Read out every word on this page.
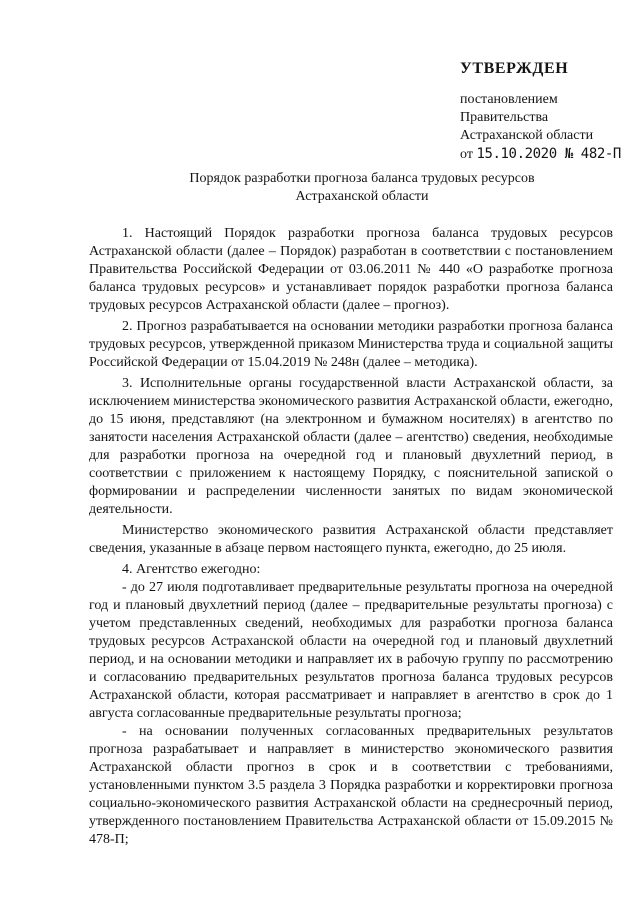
УТВЕРЖДЕН
постановлением
Правительства
Астраханской области
от 15.10.2020 № 482-П
Порядок разработки прогноза баланса трудовых ресурсов
Астраханской области

1. Настоящий Порядок разработки прогноза баланса трудовых ресурсов Астраханской области (далее – Порядок) разработан в соответствии с постановлением Правительства Российской Федерации от 03.06.2011 № 440 «О разработке прогноза баланса трудовых ресурсов» и устанавливает порядок разработки прогноза баланса трудовых ресурсов Астраханской области (далее – прогноз).

2. Прогноз разрабатывается на основании методики разработки прогноза баланса трудовых ресурсов, утвержденной приказом Министерства труда и социальной защиты Российской Федерации от 15.04.2019 № 248н (далее – методика).

3. Исполнительные органы государственной власти Астраханской области, за исключением министерства экономического развития Астраханской области, ежегодно, до 15 июня, представляют (на электронном и бумажном носителях) в агентство по занятости населения Астраханской области (далее – агентство) сведения, необходимые для разработки прогноза на очередной год и плановый двухлетний период, в соответствии с приложением к настоящему Порядку, с пояснительной запиской о формировании и распределении численности занятых по видам экономической деятельности.

Министерство экономического развития Астраханской области представляет сведения, указанные в абзаце первом настоящего пункта, ежегодно, до 25 июля.

4. Агентство ежегодно:

- до 27 июля подготавливает предварительные результаты прогноза на очередной год и плановый двухлетний период (далее – предварительные результаты прогноза) с учетом представленных сведений, необходимых для разработки прогноза баланса трудовых ресурсов Астраханской области на очередной год и плановый двухлетний период, и на основании методики и направляет их в рабочую группу по рассмотрению и согласованию предварительных результатов прогноза баланса трудовых ресурсов Астраханской области, которая рассматривает и направляет в агентство в срок до 1 августа согласованные предварительные результаты прогноза;

- на основании полученных согласованных предварительных результатов прогноза разрабатывает и направляет в министерство экономического развития Астраханской области прогноз в срок и в соответствии с требованиями, установленными пунктом 3.5 раздела 3 Порядка разработки и корректировки прогноза социально-экономического развития Астраханской области на среднесрочный период, утвержденного постановлением Правительства Астраханской области от 15.09.2015 № 478-П;
